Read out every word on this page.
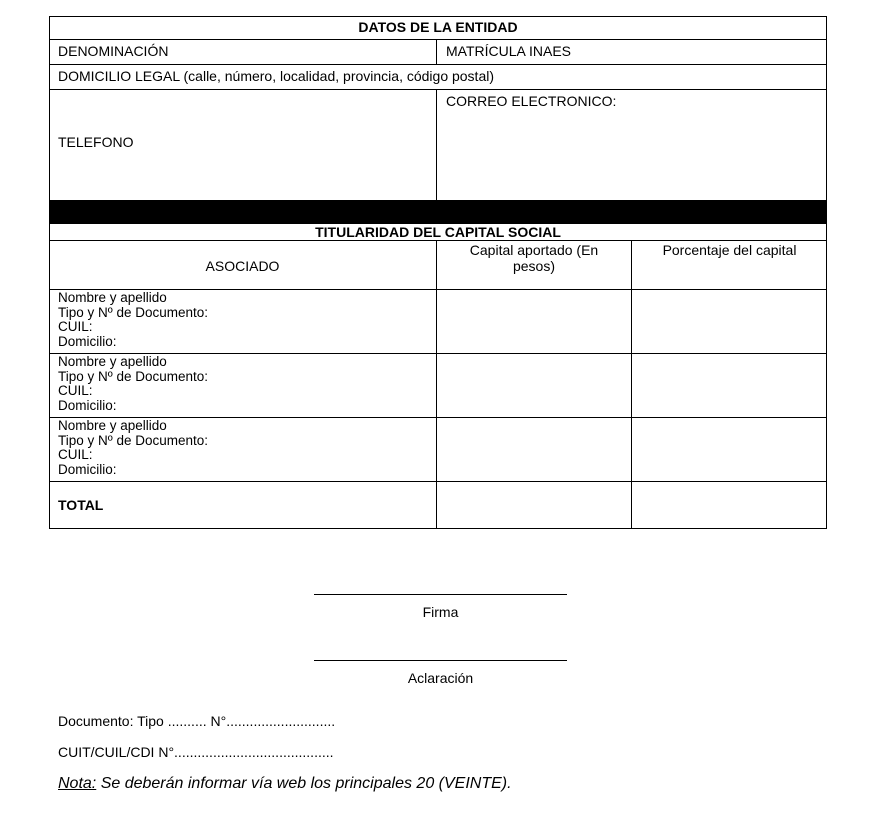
DATOS DE LA ENTIDAD
DENOMINACIÓN	MATRÍCULA INAES
DOMICILIO LEGAL (calle, número, localidad, provincia, código postal)
TELEFONO
CORREO ELECTRONICO:
TITULARIDAD DEL CAPITAL SOCIAL
ASOCIADO
Capital aportado (En
pesos)
Porcentaje del capital
Nombre y apellido
Tipo y Nº de Documento:
CUIL:
Domicilio:
Nombre y apellido
Tipo y Nº de Documento:
CUIL:
Domicilio:
Nombre y apellido
Tipo y Nº de Documento:
CUIL:
Domicilio:
TOTAL
Firma
Aclaración
Documento: Tipo .......... N°............................
CUIT/CUIL/CDI N°.........................................
Nota: Se deberán informar vía web los principales 20 (VEINTE).
